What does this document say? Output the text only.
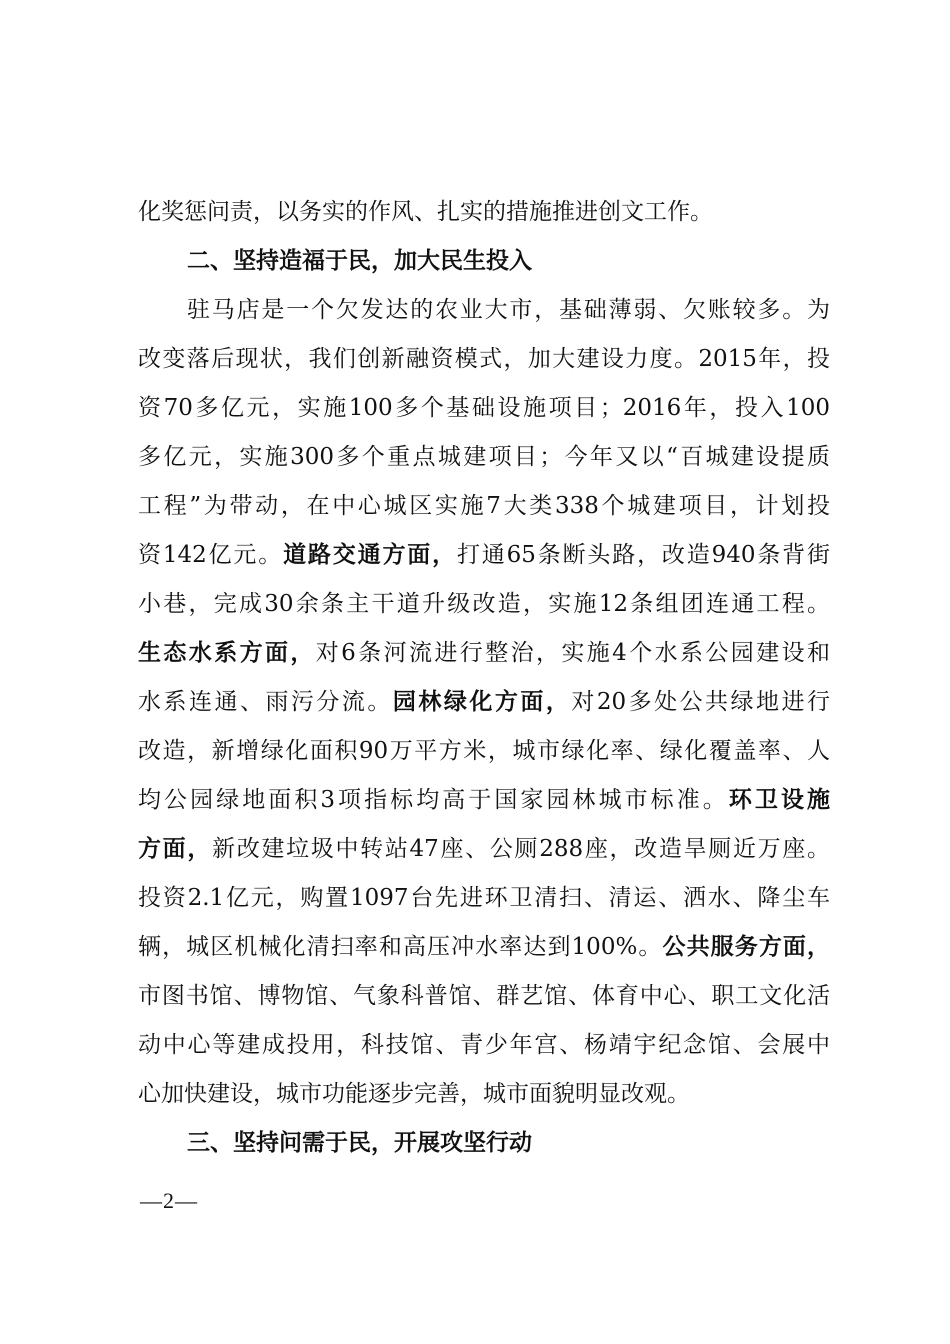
化奖惩问责，以务实的作风、扎实的措施推进创文工作。
二、坚持造福于民，加大民生投入
驻马店是一个欠发达的农业大市，基础薄弱、欠账较多。为
改变落后现状，我们创新融资模式，加大建设力度。2015年，投
资70多亿元，实施100多个基础设施项目；2016年，投入100
多亿元，实施300多个重点城建项目；今年又以“百城建设提质
工程”为带动，在中心城区实施7大类338个城建项目，计划投
资142亿元。道路交通方面，打通65条断头路，改造940条背街
小巷，完成30余条主干道升级改造，实施12条组团连通工程。
生态水系方面，对6条河流进行整治，实施4个水系公园建设和
水系连通、雨污分流。园林绿化方面，对20多处公共绿地进行
改造，新增绿化面积90万平方米，城市绿化率、绿化覆盖率、人
均公园绿地面积3项指标均高于国家园林城市标准。环卫设施
方面，新改建垃圾中转站47座、公厕288座，改造旱厕近万座。
投资2.1亿元，购置1097台先进环卫清扫、清运、洒水、降尘车
辆，城区机械化清扫率和高压冲水率达到100%。公共服务方面，
市图书馆、博物馆、气象科普馆、群艺馆、体育中心、职工文化活
动中心等建成投用，科技馆、青少年宫、杨靖宇纪念馆、会展中
心加快建设，城市功能逐步完善，城市面貌明显改观。
三、坚持问需于民，开展攻坚行动
—2—
